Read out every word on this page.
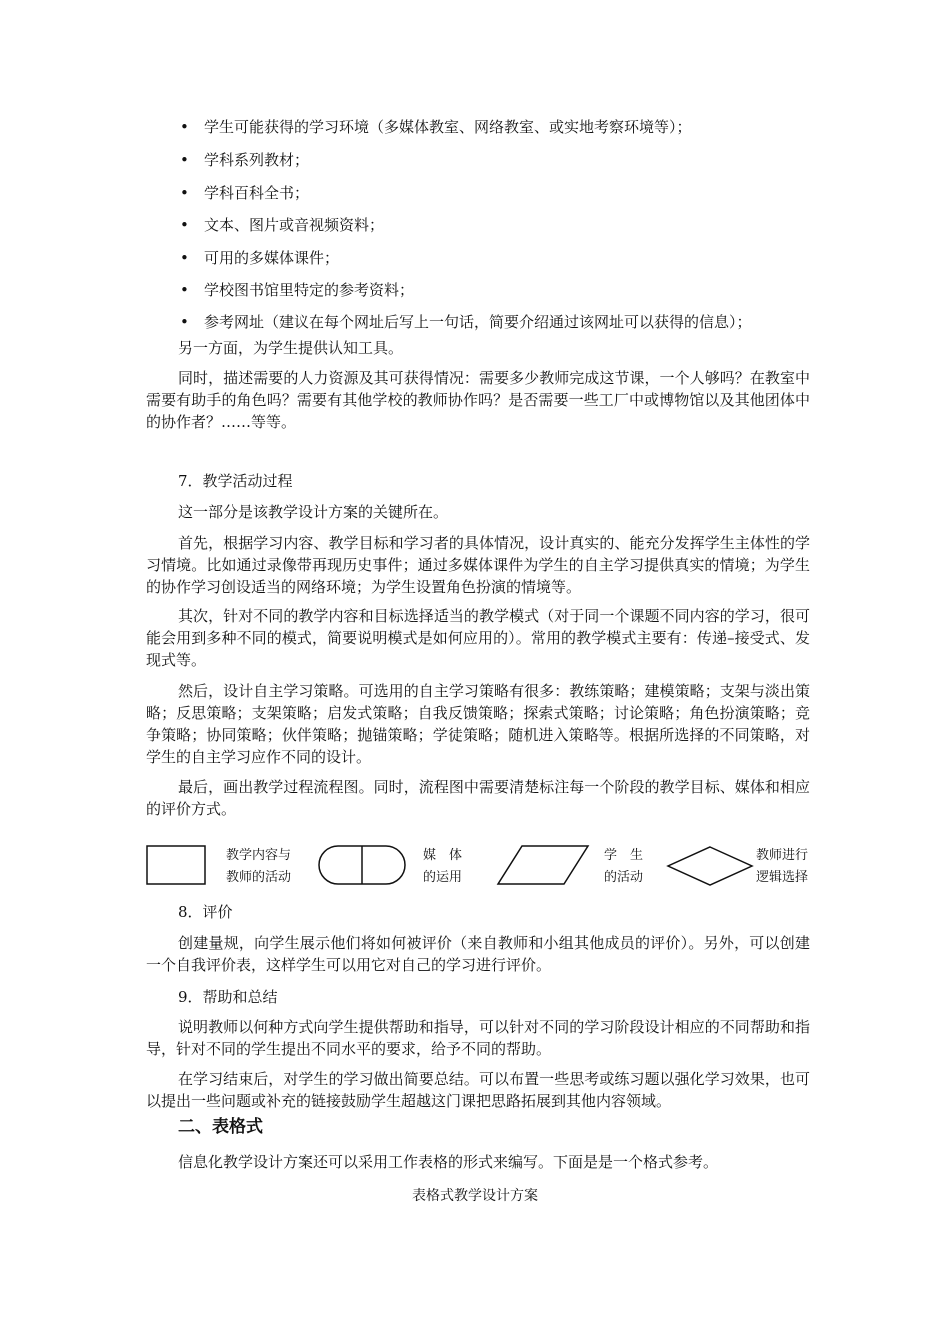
• 学生可能获得的学习环境（多媒体教室、网络教室、或实地考察环境等）；
• 学科系列教材；
• 学科百科全书；
• 文本、图片或音视频资料；
• 可用的多媒体课件；
• 学校图书馆里特定的参考资料；
• 参考网址（建议在每个网址后写上一句话，简要介绍通过该网址可以获得的信息）；
另一方面，为学生提供认知工具。
同时，描述需要的人力资源及其可获得情况：需要多少教师完成这节课，一个人够吗？在教室中需要有助手的角色吗？需要有其他学校的教师协作吗？是否需要一些工厂中或博物馆以及其他团体中的协作者？……等等。
7．教学活动过程
这一部分是该教学设计方案的关键所在。
首先，根据学习内容、教学目标和学习者的具体情况，设计真实的、能充分发挥学生主体性的学习情境。比如通过录像带再现历史事件；通过多媒体课件为学生的自主学习提供真实的情境；为学生的协作学习创设适当的网络环境；为学生设置角色扮演的情境等。
其次，针对不同的教学内容和目标选择适当的教学模式（对于同一个课题不同内容的学习，很可能会用到多种不同的模式，简要说明模式是如何应用的）。常用的教学模式主要有：传递–接受式、发现式等。
然后，设计自主学习策略。可选用的自主学习策略有很多：教练策略；建模策略；支架与淡出策略；反思策略；支架策略；启发式策略；自我反馈策略；探索式策略；讨论策略；角色扮演策略；竞争策略；协同策略；伙伴策略；抛锚策略；学徒策略；随机进入策略等。根据所选择的不同策略，对学生的自主学习应作不同的设计。
最后，画出教学过程流程图。同时，流程图中需要清楚标注每一个阶段的教学目标、媒体和相应的评价方式。
教学内容与
教师的活动
媒　体
的运用
学　生
的活动
教师进行
逻辑选择
8．评价
创建量规，向学生展示他们将如何被评价（来自教师和小组其他成员的评价）。另外，可以创建一个自我评价表，这样学生可以用它对自己的学习进行评价。
9．帮助和总结
说明教师以何种方式向学生提供帮助和指导，可以针对不同的学习阶段设计相应的不同帮助和指导，针对不同的学生提出不同水平的要求，给予不同的帮助。
在学习结束后，对学生的学习做出简要总结。可以布置一些思考或练习题以强化学习效果，也可以提出一些问题或补充的链接鼓励学生超越这门课把思路拓展到其他内容领域。
二、表格式
信息化教学设计方案还可以采用工作表格的形式来编写。下面是是一个格式参考。
表格式教学设计方案
